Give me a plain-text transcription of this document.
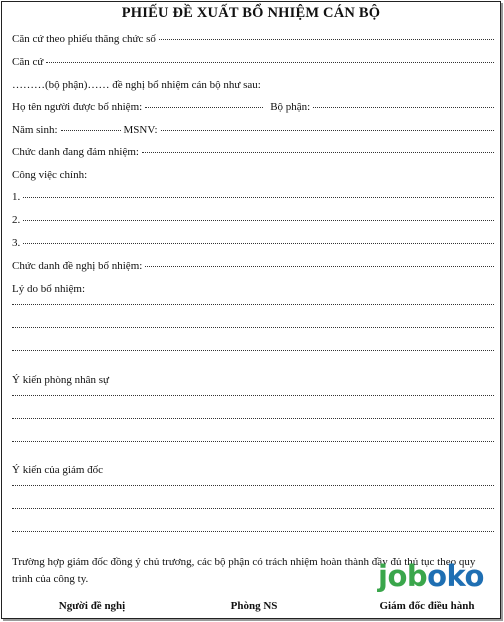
PHIẾU ĐỀ XUẤT BỔ NHIỆM CÁN BỘ
Căn cứ theo phiếu thăng chức số
Căn cứ
………(bộ phận)…… đề nghị bổ nhiệm cán bộ như sau:
Họ tên người được bổ nhiệm:	Bộ phận:
Năm sinh:	MSNV:
Chức danh đang đảm nhiệm:
Công việc chính:
1.
2.
3.
Chức danh đề nghị bổ nhiệm:
Lý do bổ nhiệm:
Ý kiến phòng nhân sự
Ý kiến của giám đốc
Trường hợp giám đốc đồng ý chủ trương, các bộ phận có trách nhiệm hoàn thành đầy đủ thủ tục theo quy trình của công ty.
Người đề nghị	Phòng NS	Giám đốc điều hành
joboko
